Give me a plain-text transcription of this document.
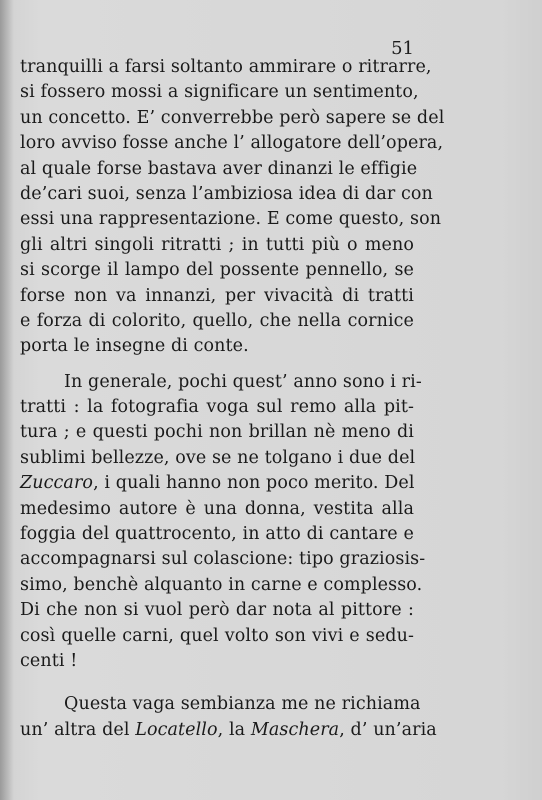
51
tranquilli a farsi soltanto ammirare o ritrarre,
si fossero mossi a significare un sentimento,
un concetto. E’ converrebbe però sapere se del
loro avviso fosse anche l’ allogatore dell’opera,
al quale forse bastava aver dinanzi le effigie
de’cari suoi, senza l’ambiziosa idea di dar con
essi una rappresentazione. E come questo, son
gli altri singoli ritratti ; in tutti più o meno
si scorge il lampo del possente pennello, se
forse non va innanzi, per vivacità di tratti
e forza di colorito, quello, che nella cornice
porta le insegne di conte.
In generale, pochi quest’ anno sono i ri-
tratti : la fotografia voga sul remo alla pit-
tura ; e questi pochi non brillan nè meno di
sublimi bellezze, ove se ne tolgano i due del
Zuccaro, i quali hanno non poco merito. Del
medesimo autore è una donna, vestita alla
foggia del quattrocento, in atto di cantare e
accompagnarsi sul colascione: tipo graziosis-
simo, benchè alquanto in carne e complesso.
Di che non si vuol però dar nota al pittore :
così quelle carni, quel volto son vivi e sedu-
centi !
Questa vaga sembianza me ne richiama
un’ altra del Locatello, la Maschera, d’ un’aria
